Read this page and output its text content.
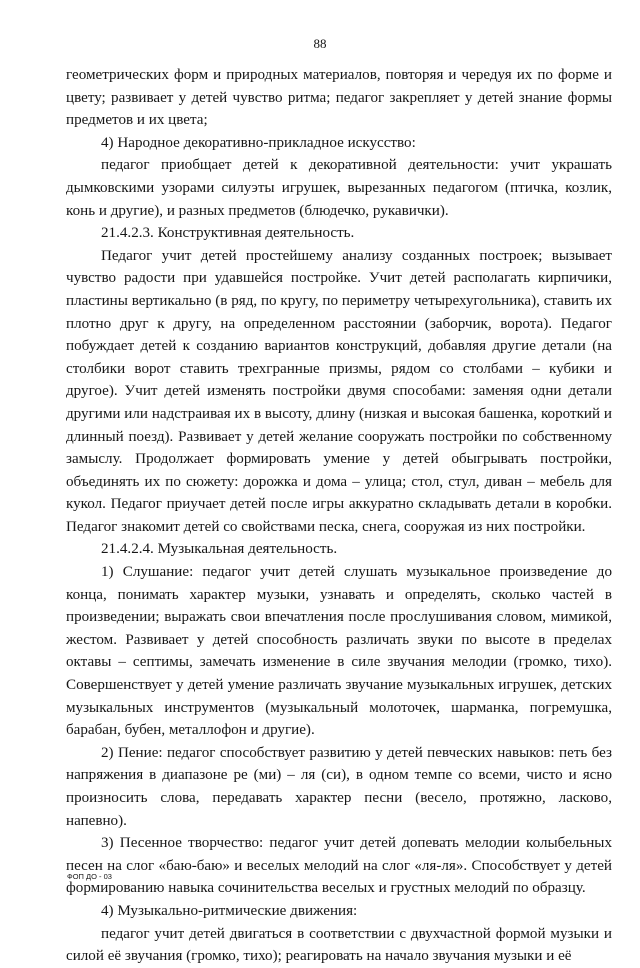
88

геометрических форм и природных материалов, повторяя и чередуя их по форме и цвету; развивает у детей чувство ритма; педагог закрепляет у детей знание формы предметов и их цвета;

4) Народное декоративно-прикладное искусство:

педагог приобщает детей к декоративной деятельности: учит украшать дымковскими узорами силуэты игрушек, вырезанных педагогом (птичка, козлик, конь и другие), и разных предметов (блюдечко, рукавички).

21.4.2.3. Конструктивная деятельность.

Педагог учит детей простейшему анализу созданных построек; вызывает чувство радости при удавшейся постройке. Учит детей располагать кирпичики, пластины вертикально (в ряд, по кругу, по периметру четырехугольника), ставить их плотно друг к другу, на определенном расстоянии (заборчик, ворота). Педагог побуждает детей к созданию вариантов конструкций, добавляя другие детали (на столбики ворот ставить трехгранные призмы, рядом со столбами – кубики и другое). Учит детей изменять постройки двумя способами: заменяя одни детали другими или надстраивая их в высоту, длину (низкая и высокая башенка, короткий и длинный поезд). Развивает у детей желание сооружать постройки по собственному замыслу. Продолжает формировать умение у детей обыгрывать постройки, объединять их по сюжету: дорожка и дома – улица; стол, стул, диван – мебель для кукол. Педагог приучает детей после игры аккуратно складывать детали в коробки. Педагог знакомит детей со свойствами песка, снега, сооружая из них постройки.

21.4.2.4. Музыкальная деятельность.

1) Слушание: педагог учит детей слушать музыкальное произведение до конца, понимать характер музыки, узнавать и определять, сколько частей в произведении; выражать свои впечатления после прослушивания словом, мимикой, жестом. Развивает у детей способность различать звуки по высоте в пределах октавы – септимы, замечать изменение в силе звучания мелодии (громко, тихо). Совершенствует у детей умение различать звучание музыкальных игрушек, детских музыкальных инструментов (музыкальный молоточек, шарманка, погремушка, барабан, бубен, металлофон и другие).

2) Пение: педагог способствует развитию у детей певческих навыков: петь без напряжения в диапазоне ре (ми) – ля (си), в одном темпе со всеми, чисто и ясно произносить слова, передавать характер песни (весело, протяжно, ласково, напевно).

3) Песенное творчество: педагог учит детей допевать мелодии колыбельных песен на слог «баю-баю» и веселых мелодий на слог «ля-ля». Способствует у детей формированию навыка сочинительства веселых и грустных мелодий по образцу.

4) Музыкально-ритмические движения:

педагог учит детей двигаться в соответствии с двухчастной формой музыки и силой её звучания (громко, тихо); реагировать на начало звучания музыки и её

ФОП ДО - 03
